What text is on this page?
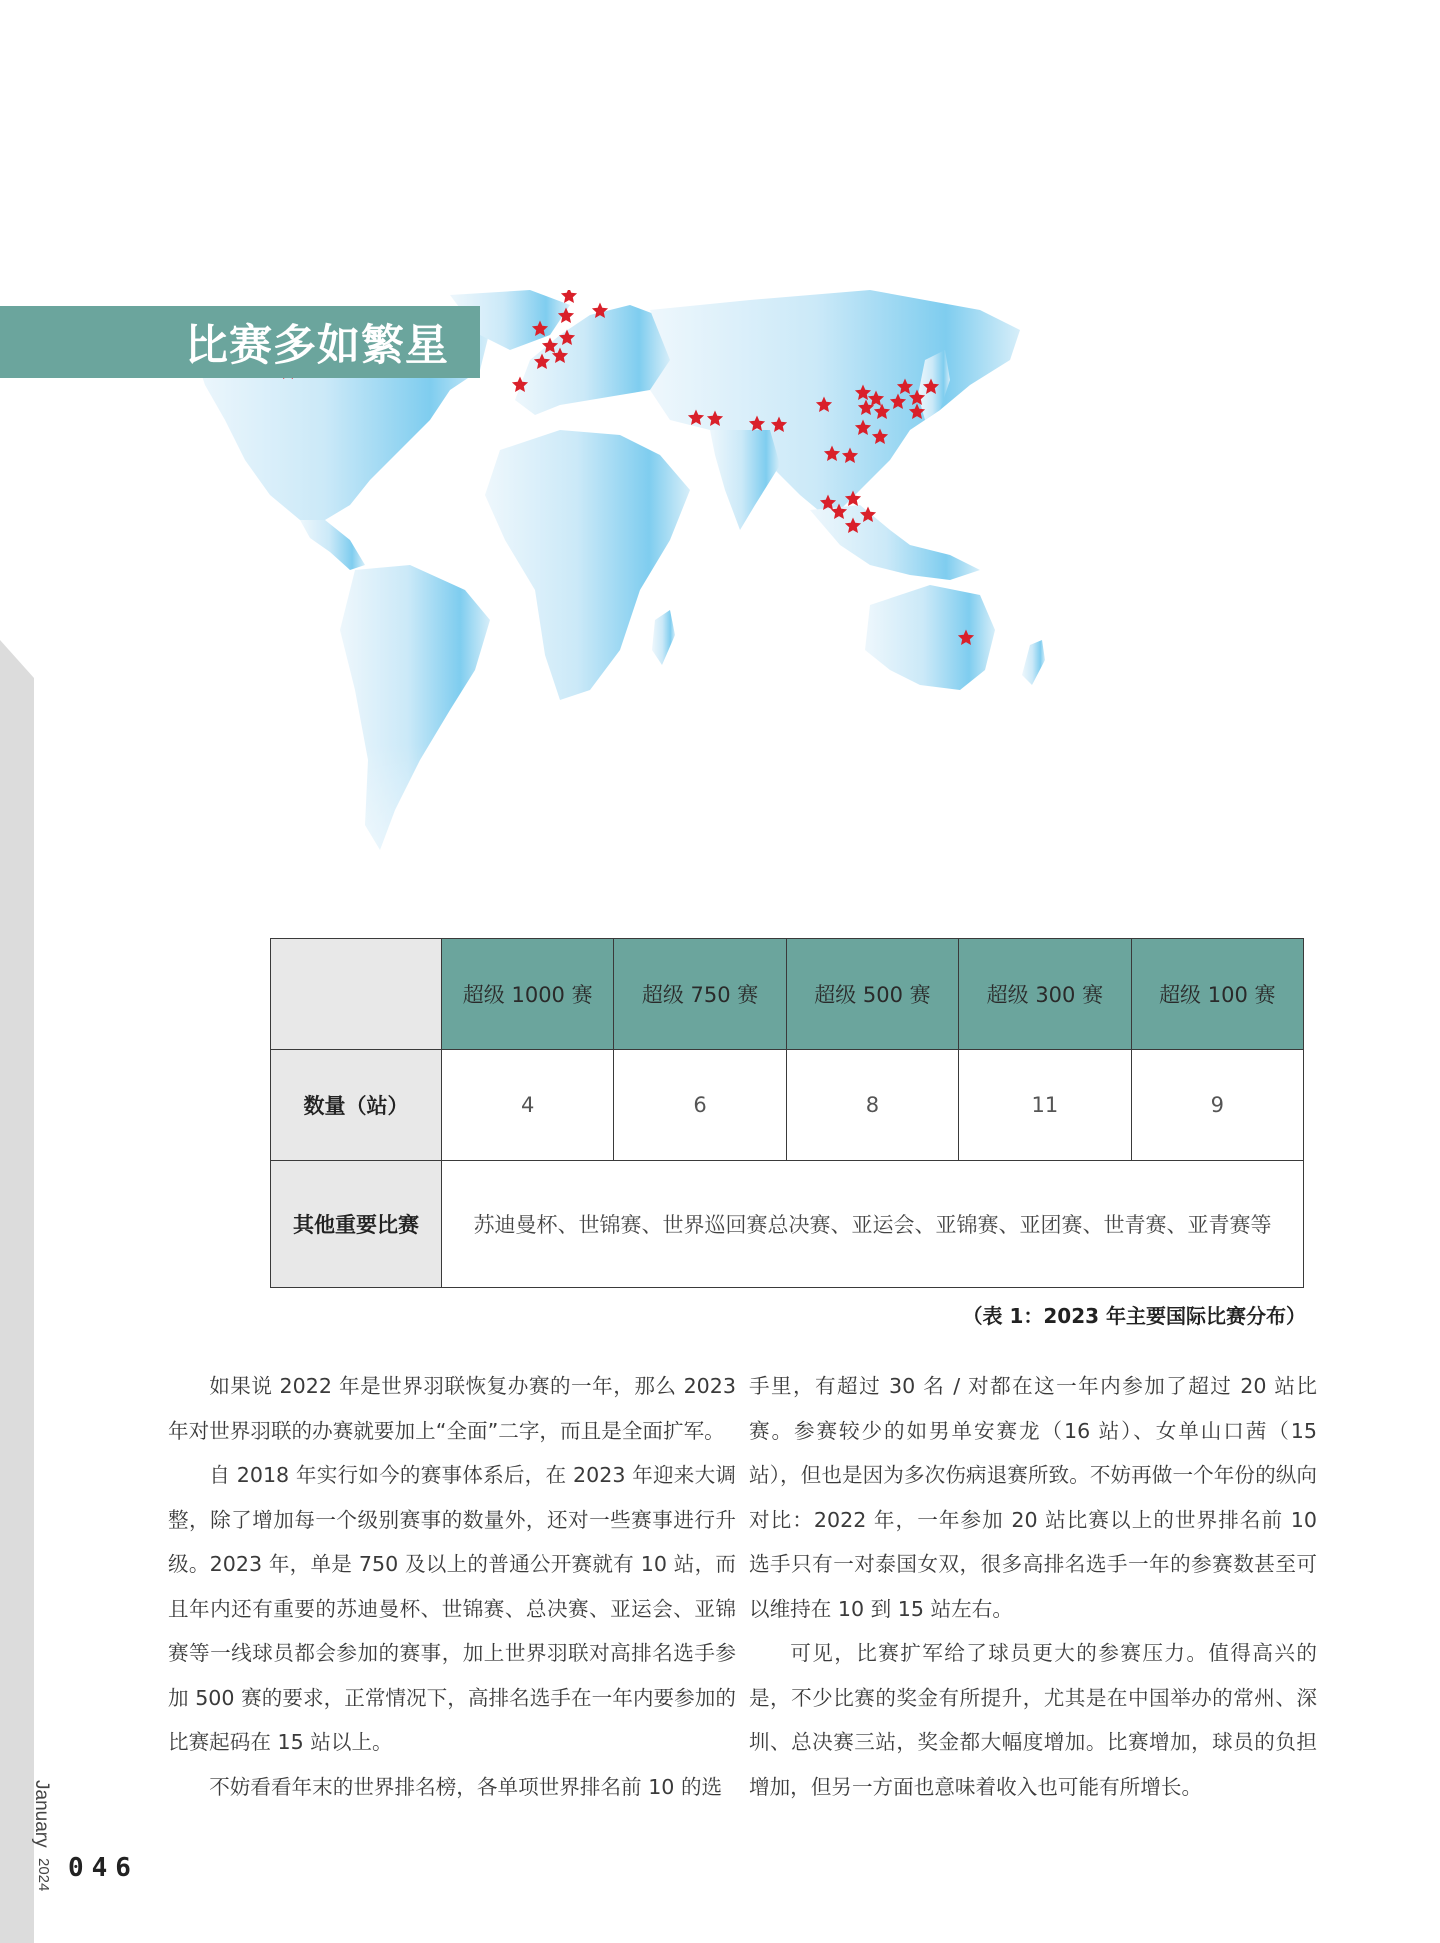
比赛多如繁星
	超级 1000 赛	超级 750 赛	超级 500 赛	超级 300 赛	超级 100 赛
数量（站）	4	6	8	11	9
其他重要比赛	苏迪曼杯、世锦赛、世界巡回赛总决赛、亚运会、亚锦赛、亚团赛、世青赛、亚青赛等				
（表 1：2023 年主要国际比赛分布）

如果说 2022 年是世界羽联恢复办赛的一年，那么 2023 年对世界羽联的办赛就要加上“全面”二字，而且是全面扩军。

自 2018 年实行如今的赛事体系后，在 2023 年迎来大调整，除了增加每一个级别赛事的数量外，还对一些赛事进行升级。2023 年，单是 750 及以上的普通公开赛就有 10 站，而且年内还有重要的苏迪曼杯、世锦赛、总决赛、亚运会、亚锦赛等一线球员都会参加的赛事，加上世界羽联对高排名选手参加 500 赛的要求，正常情况下，高排名选手在一年内要参加的比赛起码在 15 站以上。

不妨看看年末的世界排名榜，各单项世界排名前 10 的选

手里，有超过 30 名 / 对都在这一年内参加了超过 20 站比赛。参赛较少的如男单安赛龙（16 站）、女单山口茜（15 站），但也是因为多次伤病退赛所致。不妨再做一个年份的纵向对比：2022 年，一年参加 20 站比赛以上的世界排名前 10 选手只有一对泰国女双，很多高排名选手一年的参赛数甚至可以维持在 10 到 15 站左右。

可见，比赛扩军给了球员更大的参赛压力。值得高兴的是，不少比赛的奖金有所提升，尤其是在中国举办的常州、深圳、总决赛三站，奖金都大幅度增加。比赛增加，球员的负担增加，但另一方面也意味着收入也可能有所增长。

January
2024 046
